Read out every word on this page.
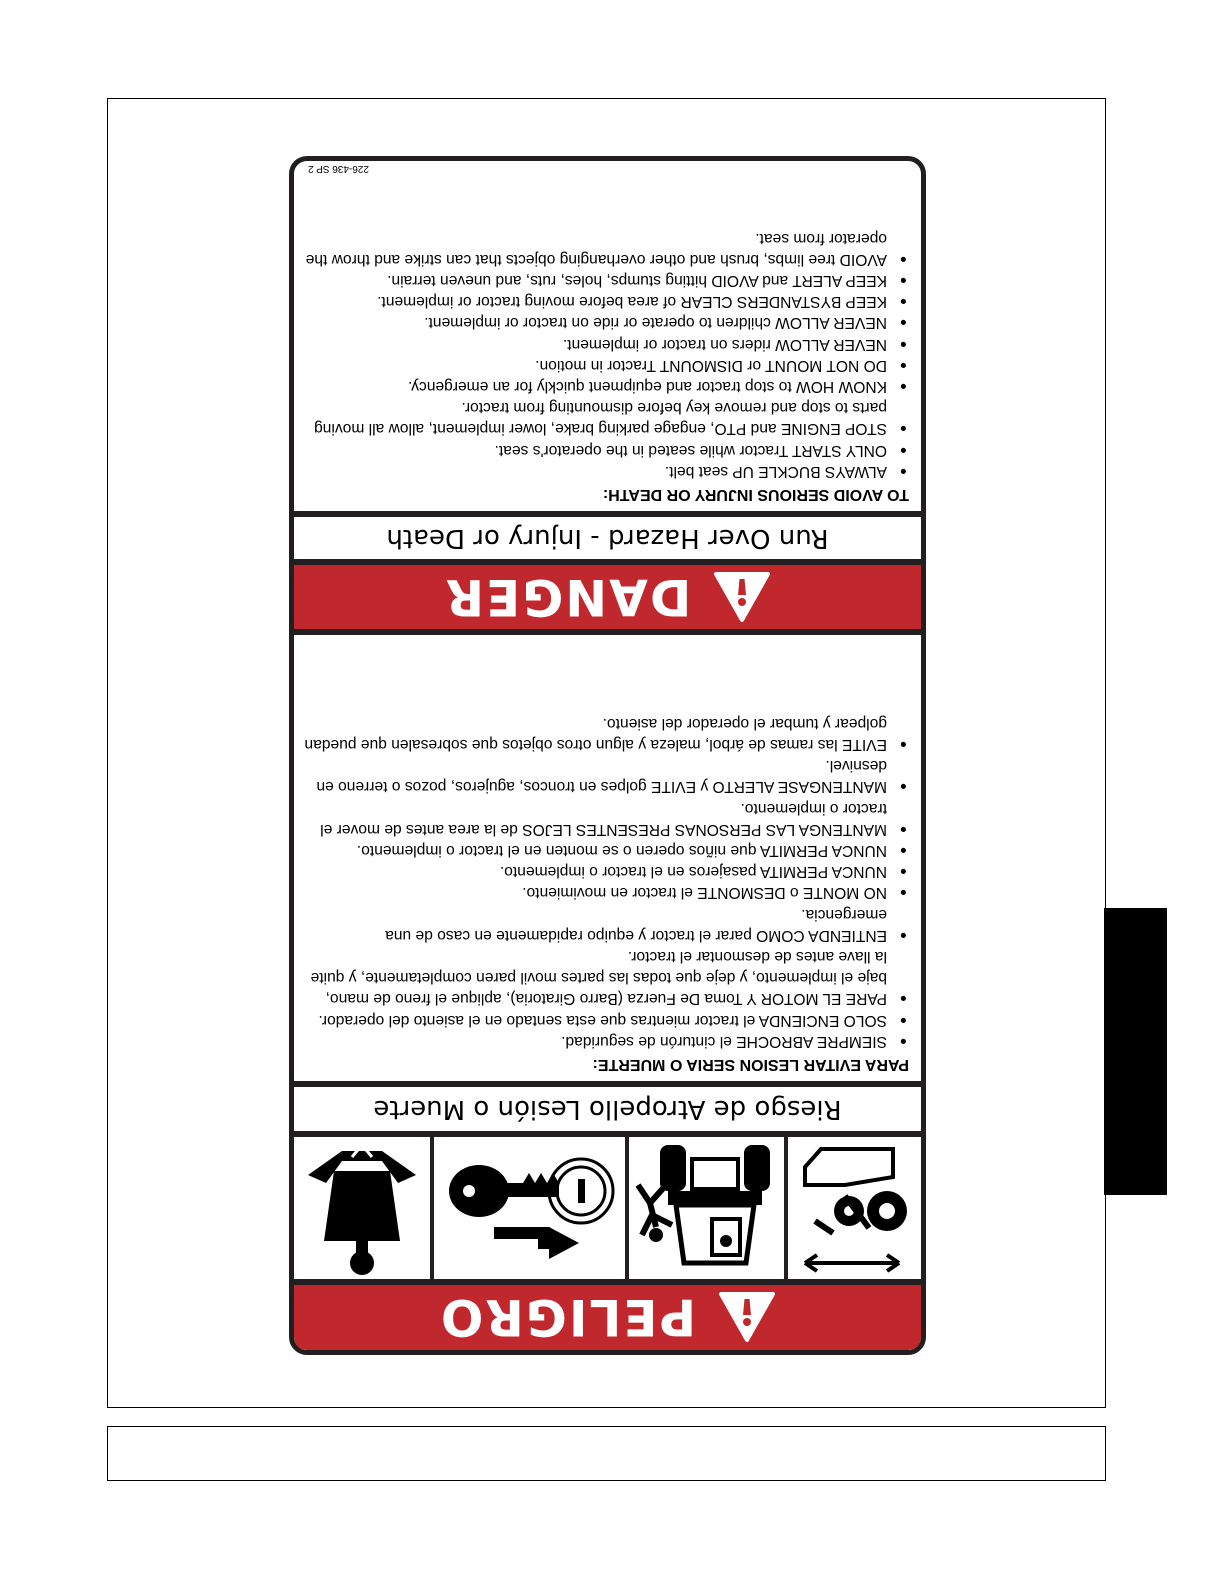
PELIGRO
Riesgo de Atropello Lesión o Muerte
PARA EVITAR LESION SERIA O MUERTE:
● SIEMPRE ABROCHE el cinturón de seguridad.
● SOLO ENCIENDA el tractor mientras que esta sentado en el asiento del operador.
● PARE EL MOTOR Y Toma De Fuerza (Barro Giratoria), aplique el freno de mano, baje el implemento, y deje que todas las partes movil paren completamente, y quite la llave antes de desmontar el tractor.
● ENTIENDA COMO parar el tractor y equipo rapidamente en caso de una emergencia.
● NO MONTE o DESMONTE el tractor en movimiento.
● NUNCA PERMITA pasajeros en el tractor o implemento.
● NUNCA PERMITA que niños operen o se monten en el tractor o implemento.
● MANTENGA LAS PERSONAS PRESENTES LEJOS de la area antes de mover el tractor o implemento.
● MANTENGASE ALERTO y EVITE golpes en troncos, agujeros, pozos o terreno en desnivel.
● EVITE las ramas de árbol, maleza y algun otros objetos que sobresalen que puedan golpear y tumbar el operador del asiento.
DANGER
Run Over Hazard - Injury or Death
TO AVOID SERIOUS INJURY OR DEATH:
● ALWAYS BUCKLE UP seat belt.
● ONLY START Tractor while seated in the operator's seat.
● STOP ENGINE and PTO, engage parking brake, lower implement, allow all moving parts to stop and remove key before dismounting from tractor.
● KNOW HOW to stop tractor and equipment quickly for an emergency.
● DO NOT MOUNT or DISMOUNT Tractor in motion.
● NEVER ALLOW riders on tractor or implement.
● NEVER ALLOW children to operate or ride on tractor or implement.
● KEEP BYSTANDERS CLEAR of area before moving tractor or implement.
● KEEP ALERT and AVOID hitting stumps, holes, ruts, and uneven terrain.
● AVOID tree limbs, brush and other overhanging objects that can strike and throw the operator from seat.
226-436 SP 2
